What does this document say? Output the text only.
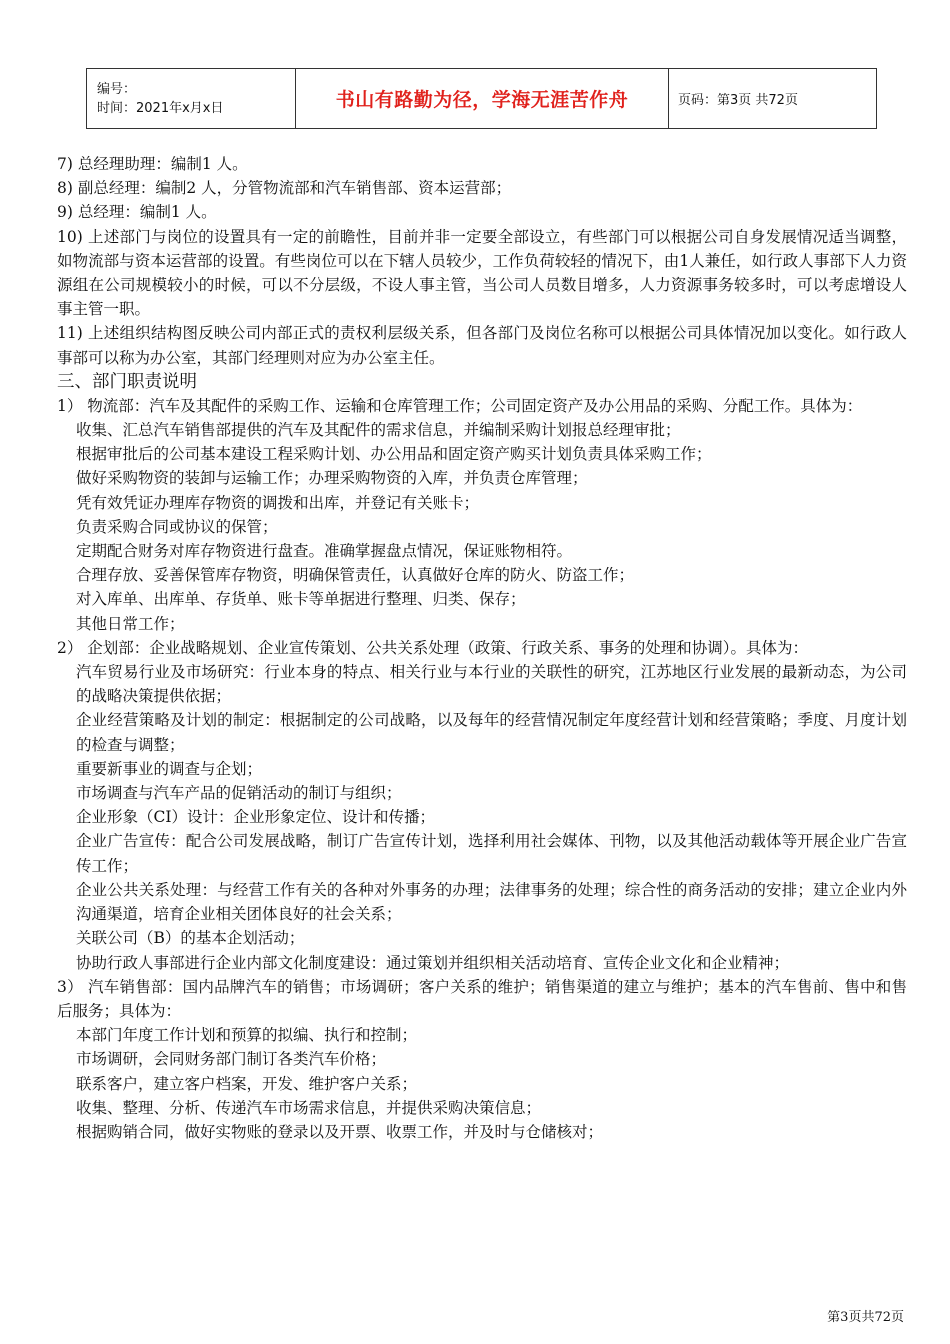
编号：
时间：2021年x月x日	书山有路勤为径，学海无涯苦作舟	页码：第3页 共72页

7) 总经理助理：编制1 人。

8) 副总经理：编制2 人，分管物流部和汽车销售部、资本运营部；

9) 总经理：编制1 人。

10) 上述部门与岗位的设置具有一定的前瞻性，目前并非一定要全部设立，有些部门可以根据公司自身发展情况适当调整，如物流部与资本运营部的设置。有些岗位可以在下辖人员较少，工作负荷较轻的情况下，由1人兼任，如行政人事部下人力资源组在公司规模较小的时候，可以不分层级，不设人事主管，当公司人员数目增多，人力资源事务较多时，可以考虑增设人事主管一职。

11) 上述组织结构图反映公司内部正式的责权利层级关系，但各部门及岗位名称可以根据公司具体情况加以变化。如行政人事部可以称为办公室，其部门经理则对应为办公室主任。

三、部门职责说明

1） 物流部：汽车及其配件的采购工作、运输和仓库管理工作；公司固定资产及办公用品的采购、分配工作。具体为：

收集、汇总汽车销售部提供的汽车及其配件的需求信息，并编制采购计划报总经理审批；

根据审批后的公司基本建设工程采购计划、办公用品和固定资产购买计划负责具体采购工作；

做好采购物资的装卸与运输工作；办理采购物资的入库，并负责仓库管理；

凭有效凭证办理库存物资的调拨和出库，并登记有关账卡；

负责采购合同或协议的保管；

定期配合财务对库存物资进行盘查。准确掌握盘点情况，保证账物相符。

合理存放、妥善保管库存物资，明确保管责任，认真做好仓库的防火、防盗工作；

对入库单、出库单、存货单、账卡等单据进行整理、归类、保存；

其他日常工作；

2） 企划部：企业战略规划、企业宣传策划、公共关系处理（政策、行政关系、事务的处理和协调）。具体为：

汽车贸易行业及市场研究：行业本身的特点、相关行业与本行业的关联性的研究，江苏地区行业发展的最新动态，为公司的战略决策提供依据；

企业经营策略及计划的制定：根据制定的公司战略，以及每年的经营情况制定年度经营计划和经营策略；季度、月度计划的检查与调整；

重要新事业的调查与企划；

市场调查与汽车产品的促销活动的制订与组织；

企业形象（CI）设计：企业形象定位、设计和传播；

企业广告宣传：配合公司发展战略，制订广告宣传计划，选择利用社会媒体、刊物，以及其他活动载体等开展企业广告宣传工作；

企业公共关系处理：与经营工作有关的各种对外事务的办理；法律事务的处理；综合性的商务活动的安排；建立企业内外沟通渠道，培育企业相关团体良好的社会关系；

关联公司（B）的基本企划活动；

协助行政人事部进行企业内部文化制度建设：通过策划并组织相关活动培育、宣传企业文化和企业精神；

3） 汽车销售部：国内品牌汽车的销售；市场调研；客户关系的维护；销售渠道的建立与维护；基本的汽车售前、售中和售后服务；具体为：

本部门年度工作计划和预算的拟编、执行和控制；

市场调研，会同财务部门制订各类汽车价格；

联系客户，建立客户档案，开发、维护客户关系；

收集、整理、分析、传递汽车市场需求信息，并提供采购决策信息；

根据购销合同，做好实物账的登录以及开票、收票工作，并及时与仓储核对；

第3页共72页
